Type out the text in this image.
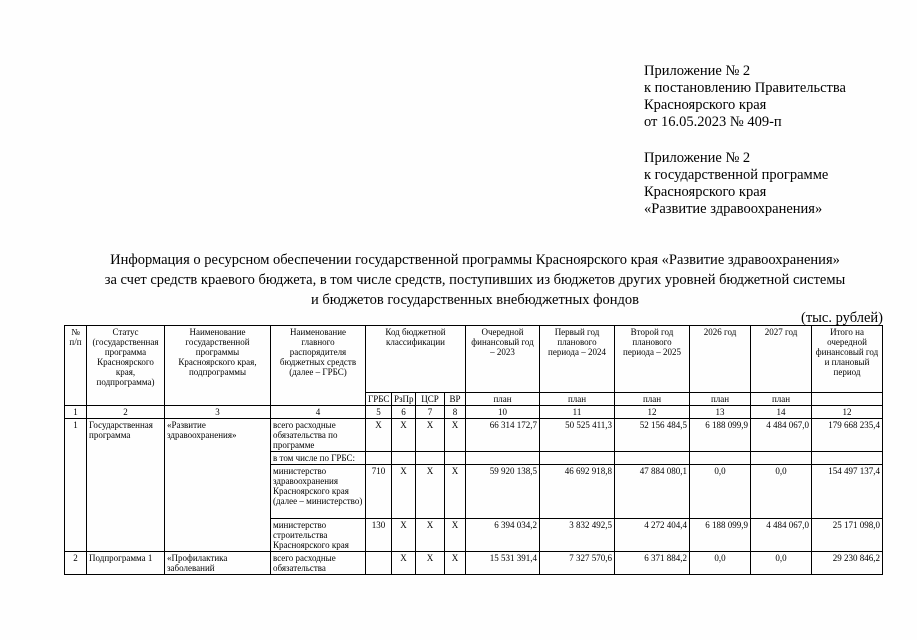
Приложение № 2
к постановлению Правительства
Красноярского края
от 16.05.2023 № 409-п
Приложение № 2
к государственной программе
Красноярского края
«Развитие здравоохранения»
Информация о ресурсном обеспечении государственной программы Красноярского края «Развитие здравоохранения»
за счет средств краевого бюджета, в том числе средств, поступивших из бюджетов других уровней бюджетной системы
и бюджетов государственных внебюджетных фондов
(тыс. рублей)
№ п/п	Статус (государственная программа Красноярского края, подпрограмма)	Наименование государственной программы Красноярского края, подпрограммы	Наименование главного распорядителя бюджетных средств (далее – ГРБС)	Код бюджетной классификации				Очередной финансовый год – 2023	Первый год планового периода – 2024	Второй год планового периода – 2025	2026 год	2027 год	Итого на очередной финансовый год и плановый период
				ГРБС	РзПр	ЦСР	ВР	план	план	план	план	план	
1	2	3	4	5	6	7	8	10	11	12	13	14	12
1	Государственная программа	«Развитие здравоохранения»	всего расходные обязательства по программе	X	X	X	X	66 314 172,7	50 525 411,3	52 156 484,5	6 188 099,9	4 484 067,0	179 668 235,4
			в том числе по ГРБС:										
			министерство здравоохранения Красноярского края (далее – министерство)	710	X	X	X	59 920 138,5	46 692 918,8	47 884 080,1	0,0	0,0	154 497 137,4
			министерство строительства Красноярского края	130	X	X	X	6 394 034,2	3 832 492,5	4 272 404,4	6 188 099,9	4 484 067,0	25 171 098,0
2	Подпрограмма 1	«Профилактика заболеваний	всего расходные обязательства		X	X	X	15 531 391,4	7 327 570,6	6 371 884,2	0,0	0,0	29 230 846,2
